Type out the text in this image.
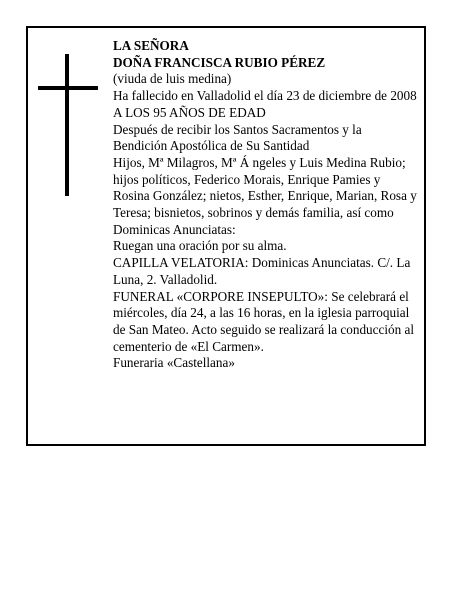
LA SEÑORA

DOÑA FRANCISCA RUBIO PÉREZ

(viuda de luis medina)

Ha fallecido en Valladolid el día 23 de diciembre de 2008

A LOS 95 AÑOS DE EDAD

Después de recibir los Santos Sacramentos y la Bendición Apostólica de Su Santidad

Hijos, Mª Milagros, Mª Á ngeles y Luis Medina Rubio; hijos políticos, Federico Morais, Enrique Pamies y Rosina González; nietos, Esther, Enrique, Marian, Rosa y Teresa; bisnietos, sobrinos y demás familia, así como Dominicas Anunciatas:

Ruegan una oración por su alma.

CAPILLA VELATORIA: Dominicas Anunciatas. C/. La Luna, 2. Valladolid.

FUNERAL «CORPORE INSEPULTO»: Se celebrará el miércoles, día 24, a las 16 horas, en la iglesia parroquial de San Mateo. Acto seguido se realizará la conducción al cementerio de «El Carmen».

Funeraria «Castellana»
